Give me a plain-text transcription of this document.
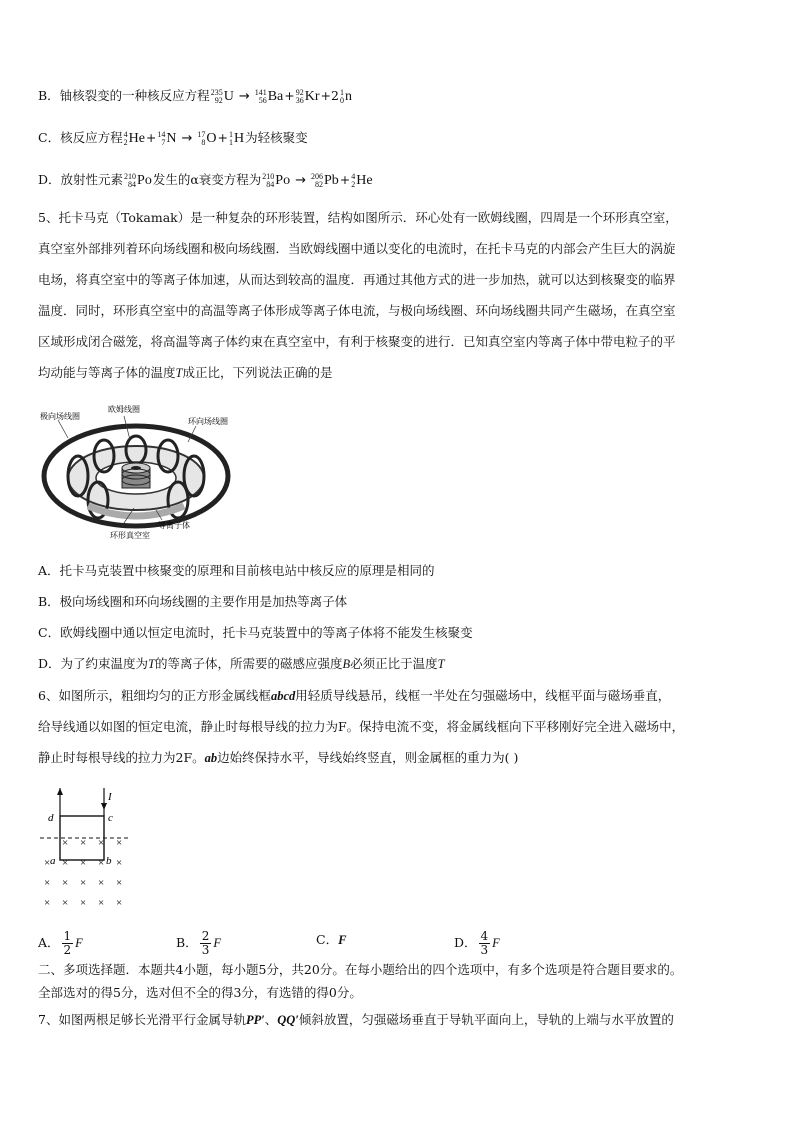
B．铀核裂变的一种核反应方程 235
92 U → 141
56 Ba+ 92
36 Kr+2 1
0 n
C．核反应方程 4
2 He+ 14
7 N → 17
8 O+ 1
1 H为轻核聚变
D．放射性元素 210
84 Po发生的α衰变方程为 210
84 Po → 206
82 Pb+ 4
2 He
5、托卡马克（Tokamak）是一种复杂的环形装置，结构如图所示．环心处有一欧姆线圈，四周是一个环形真空室，
真空室外部排列着环向场线圈和极向场线圈．当欧姆线圈中通以变化的电流时，在托卡马克的内部会产生巨大的涡旋
电场，将真空室中的等离子体加速，从而达到较高的温度．再通过其他方式的进一步加热，就可以达到核聚变的临界
温度．同时，环形真空室中的高温等离子体形成等离子体电流，与极向场线圈、环向场线圈共同产生磁场，在真空室
区域形成闭合磁笼，将高温等离子体约束在真空室中，有利于核聚变的进行．已知真空室内等离子体中带电粒子的平
均动能与等离子体的温度T成正比，下列说法正确的是
极向场线圈
欧姆线圈
环向场线圈
环形真空室
等离子体
A．托卡马克装置中核聚变的原理和目前核电站中核反应的原理是相同的
B．极向场线圈和环向场线圈的主要作用是加热等离子体
C．欧姆线圈中通以恒定电流时，托卡马克装置中的等离子体将不能发生核聚变
D．为了约束温度为T的等离子体，所需要的磁感应强度B必须正比于温度T
6、如图所示，粗细均匀的正方形金属线框abcd用轻质导线悬吊，线框一半处在匀强磁场中，线框平面与磁场垂直，
给导线通以如图的恒定电流，静止时每根导线的拉力为F。保持电流不变，将金属线框向下平移刚好完全进入磁场中，
静止时每根导线的拉力为2F。ab边始终保持水平，导线始终竖直，则金属框的重力为( )
I
d	c
a	b
× × × ×
× × × × ×
× × × × ×
× × × × ×
A． $\frac{1}{2}$ F	B． $\frac{2}{3}$ F	C．F	D． $\frac{4}{3}$ F
二、多项选择题．本题共4小题，每小题5分，共20分。在每小题给出的四个选项中，有多个选项是符合题目要求的。
全部选对的得5分，选对但不全的得3分，有选错的得0分。
7、如图两根足够长光滑平行金属导轨PP′、QQ′倾斜放置，匀强磁场垂直于导轨平面向上，导轨的上端与水平放置的
